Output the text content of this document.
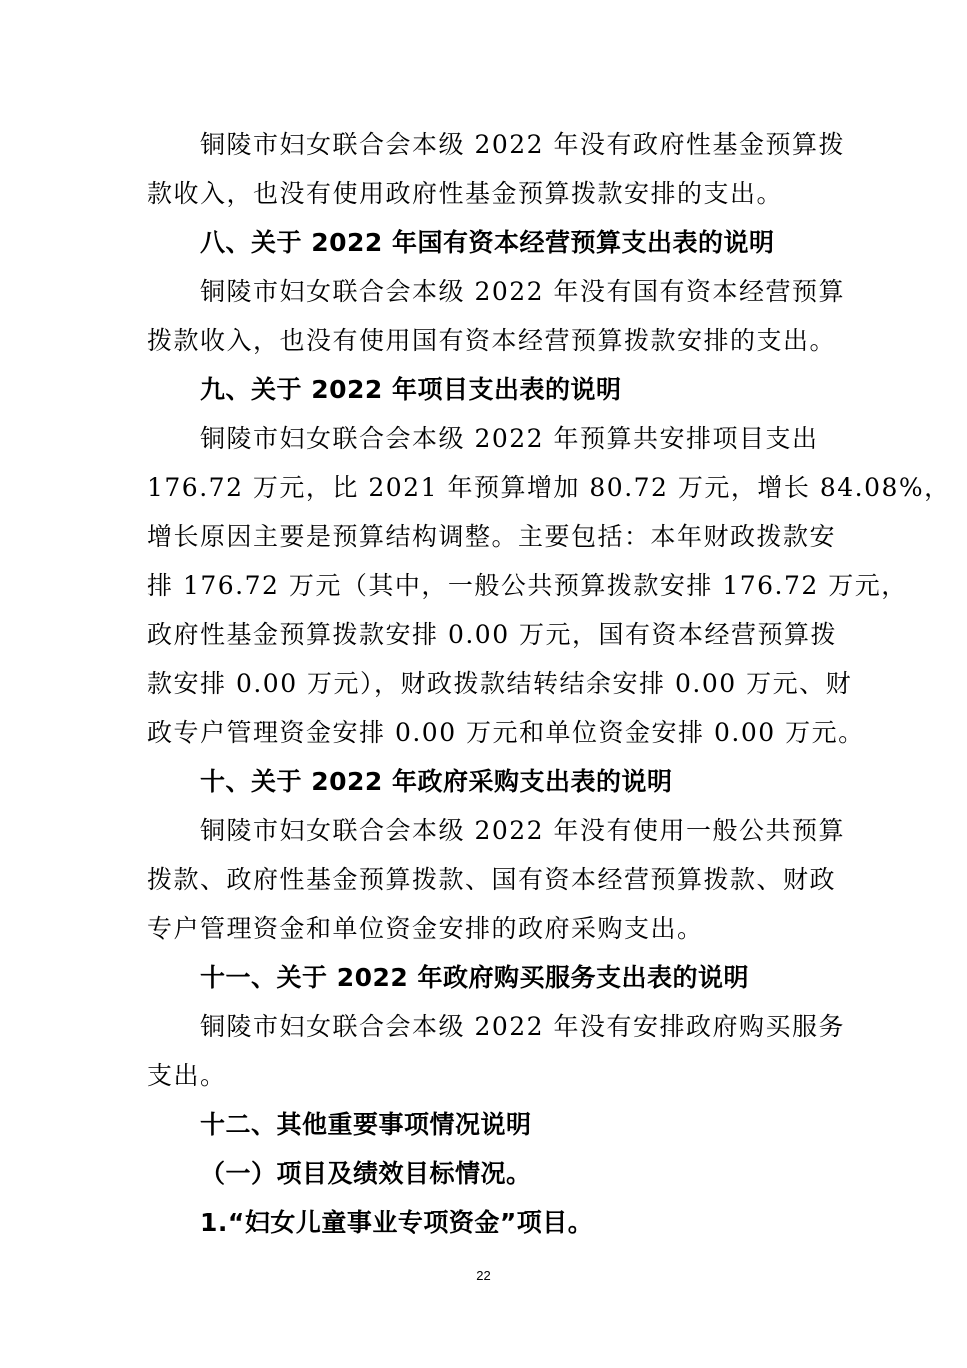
铜陵市妇女联合会本级 2022 年没有政府性基金预算拨
款收入，也没有使用政府性基金预算拨款安排的支出。
八、关于 2022 年国有资本经营预算支出表的说明
铜陵市妇女联合会本级 2022 年没有国有资本经营预算
拨款收入，也没有使用国有资本经营预算拨款安排的支出。
九、关于 2022 年项目支出表的说明
铜陵市妇女联合会本级 2022 年预算共安排项目支出
176.72 万元，比 2021 年预算增加 80.72 万元，增长 84.08%，
增长原因主要是预算结构调整。主要包括：本年财政拨款安
排 176.72 万元（其中，一般公共预算拨款安排 176.72 万元，
政府性基金预算拨款安排 0.00 万元，国有资本经营预算拨
款安排 0.00 万元），财政拨款结转结余安排 0.00 万元、财
政专户管理资金安排 0.00 万元和单位资金安排 0.00 万元。
十、关于 2022 年政府采购支出表的说明
铜陵市妇女联合会本级 2022 年没有使用一般公共预算
拨款、政府性基金预算拨款、国有资本经营预算拨款、财政
专户管理资金和单位资金安排的政府采购支出。
十一、关于 2022 年政府购买服务支出表的说明
铜陵市妇女联合会本级 2022 年没有安排政府购买服务
支出。
十二、其他重要事项情况说明
（一）项目及绩效目标情况。
1.“妇女儿童事业专项资金”项目。
22
